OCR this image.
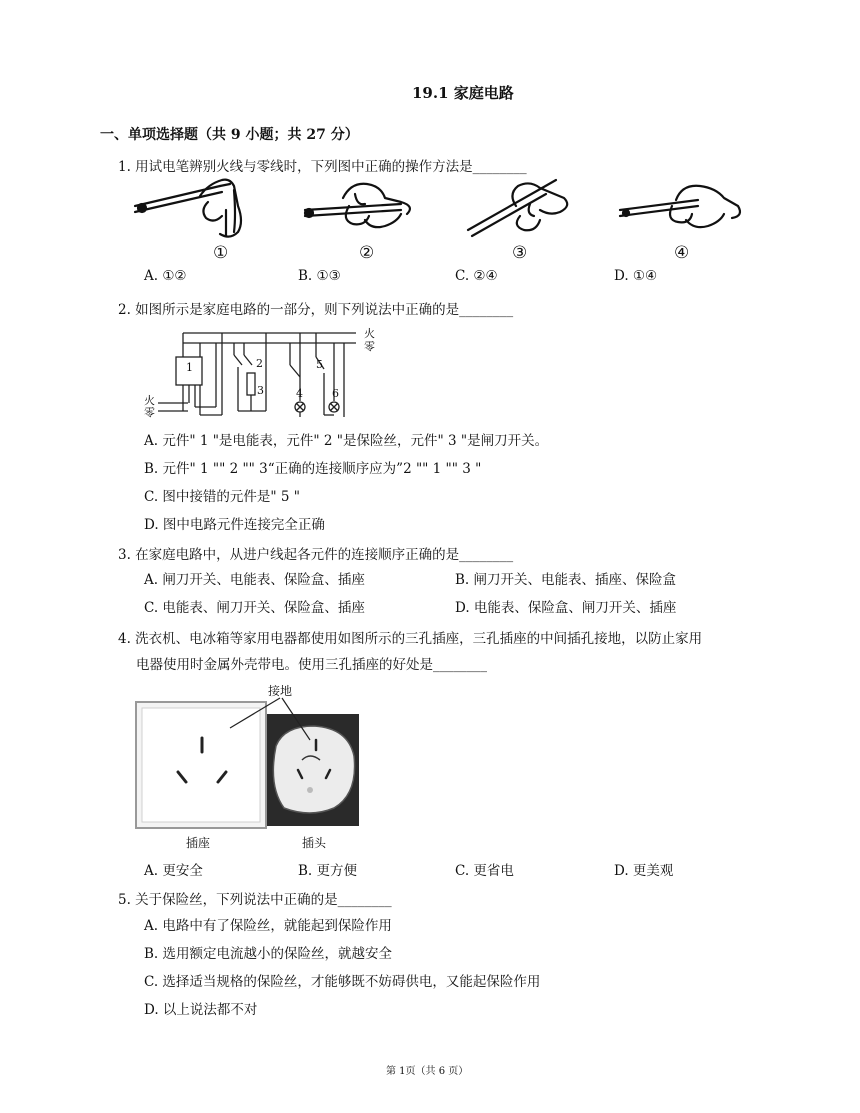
19.1 家庭电路
一、单项选择题（共 9 小题；共 27 分）
1. 用试电笔辨别火线与零线时，下列图中正确的操作方法是________
①	②	③	④
A. ①②	B. ①③	C. ②④	D. ①④
2. 如图所示是家庭电路的一部分，则下列说法中正确的是________
火
零
火
零
1	2
3	4
5
6
A. 元件" 1 "是电能表，元件" 2 "是保险丝，元件" 3 "是闸刀开关。
B. 元件" 1 "" 2 "" 3“正确的连接顺序应为”2 "" 1 "" 3 "
C. 图中接错的元件是" 5 "
D. 图中电路元件连接完全正确
3. 在家庭电路中，从进户线起各元件的连接顺序正确的是________
A. 闸刀开关、电能表、保险盒、插座	B. 闸刀开关、电能表、插座、保险盒
C. 电能表、闸刀开关、保险盒、插座	D. 电能表、保险盒、闸刀开关、插座
4. 洗衣机、电冰箱等家用电器都使用如图所示的三孔插座，三孔插座的中间插孔接地，以防止家用
电器使用时金属外壳带电。使用三孔插座的好处是________
接地
插座	插头
A. 更安全	B. 更方便	C. 更省电	D. 更美观
5. 关于保险丝，下列说法中正确的是________
A. 电路中有了保险丝，就能起到保险作用
B. 选用额定电流越小的保险丝，就越安全
C. 选择适当规格的保险丝，才能够既不妨碍供电，又能起保险作用
D. 以上说法都不对
第 1页（共 6 页）
